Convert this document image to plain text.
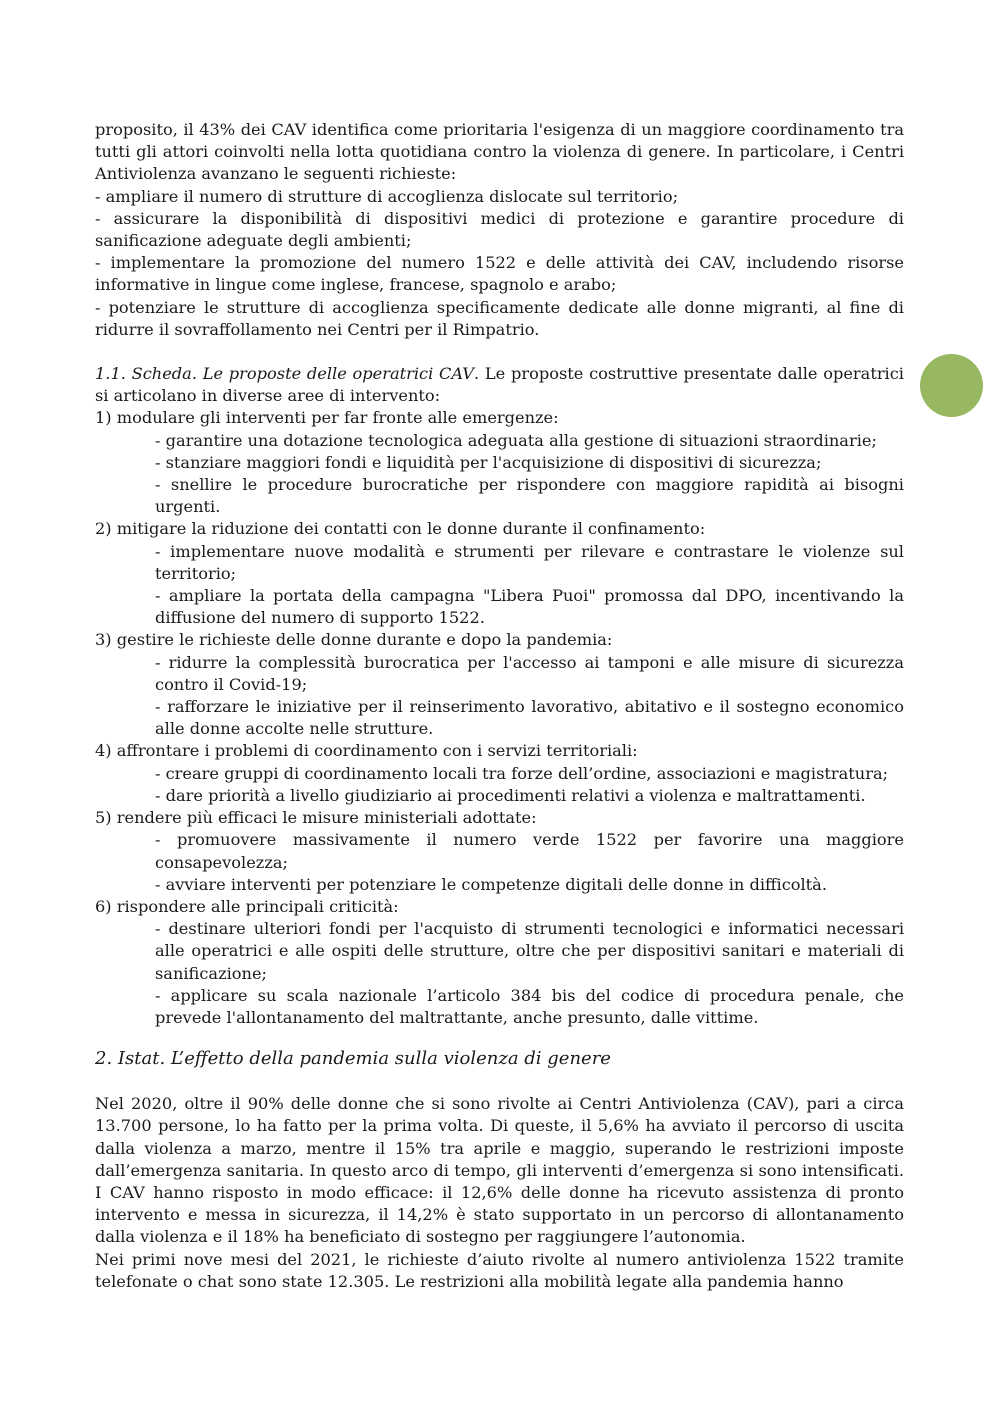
proposito, il 43% dei CAV identifica come prioritaria l'esigenza di un maggiore coordinamento tra tutti gli attori coinvolti nella lotta quotidiana contro la violenza di genere. In particolare, i Centri Antiviolenza avanzano le seguenti richieste:

- ampliare il numero di strutture di accoglienza dislocate sul territorio;

- assicurare la disponibilità di dispositivi medici di protezione e garantire procedure di sanificazione adeguate degli ambienti;

- implementare la promozione del numero 1522 e delle attività dei CAV, includendo risorse informative in lingue come inglese, francese, spagnolo e arabo;

- potenziare le strutture di accoglienza specificamente dedicate alle donne migranti, al fine di ridurre il sovraffollamento nei Centri per il Rimpatrio.

1.1. Scheda. Le proposte delle operatrici CAV. Le proposte costruttive presentate dalle operatrici si articolano in diverse aree di intervento:

1) modulare gli interventi per far fronte alle emergenze:

- garantire una dotazione tecnologica adeguata alla gestione di situazioni straordinarie;

- stanziare maggiori fondi e liquidità per l'acquisizione di dispositivi di sicurezza;

- snellire le procedure burocratiche per rispondere con maggiore rapidità ai bisogni urgenti.

2) mitigare la riduzione dei contatti con le donne durante il confinamento:

- implementare nuove modalità e strumenti per rilevare e contrastare le violenze sul territorio;

- ampliare la portata della campagna "Libera Puoi" promossa dal DPO, incentivando la diffusione del numero di supporto 1522.

3) gestire le richieste delle donne durante e dopo la pandemia:

- ridurre la complessità burocratica per l'accesso ai tamponi e alle misure di sicurezza contro il Covid-19;

- rafforzare le iniziative per il reinserimento lavorativo, abitativo e il sostegno economico alle donne accolte nelle strutture.

4) affrontare i problemi di coordinamento con i servizi territoriali:

- creare gruppi di coordinamento locali tra forze dell’ordine, associazioni e magistratura;

- dare priorità a livello giudiziario ai procedimenti relativi a violenza e maltrattamenti.

5) rendere più efficaci le misure ministeriali adottate:

- promuovere massivamente il numero verde 1522 per favorire una maggiore consapevolezza;

- avviare interventi per potenziare le competenze digitali delle donne in difficoltà.

6) rispondere alle principali criticità:

- destinare ulteriori fondi per l'acquisto di strumenti tecnologici e informatici necessari alle operatrici e alle ospiti delle strutture, oltre che per dispositivi sanitari e materiali di sanificazione;

- applicare su scala nazionale l’articolo 384 bis del codice di procedura penale, che prevede l'allontanamento del maltrattante, anche presunto, dalle vittime.

2. Istat. L’effetto della pandemia sulla violenza di genere

Nel 2020, oltre il 90% delle donne che si sono rivolte ai Centri Antiviolenza (CAV), pari a circa 13.700 persone, lo ha fatto per la prima volta. Di queste, il 5,6% ha avviato il percorso di uscita dalla violenza a marzo, mentre il 15% tra aprile e maggio, superando le restrizioni imposte dall’emergenza sanitaria. In questo arco di tempo, gli interventi d’emergenza si sono intensificati. I CAV hanno risposto in modo efficace: il 12,6% delle donne ha ricevuto assistenza di pronto intervento e messa in sicurezza, il 14,2% è stato supportato in un percorso di allontanamento dalla violenza e il 18% ha beneficiato di sostegno per raggiungere l’autonomia.

Nei primi nove mesi del 2021, le richieste d’aiuto rivolte al numero antiviolenza 1522 tramite telefonate o chat sono state 12.305. Le restrizioni alla mobilità legate alla pandemia hanno
